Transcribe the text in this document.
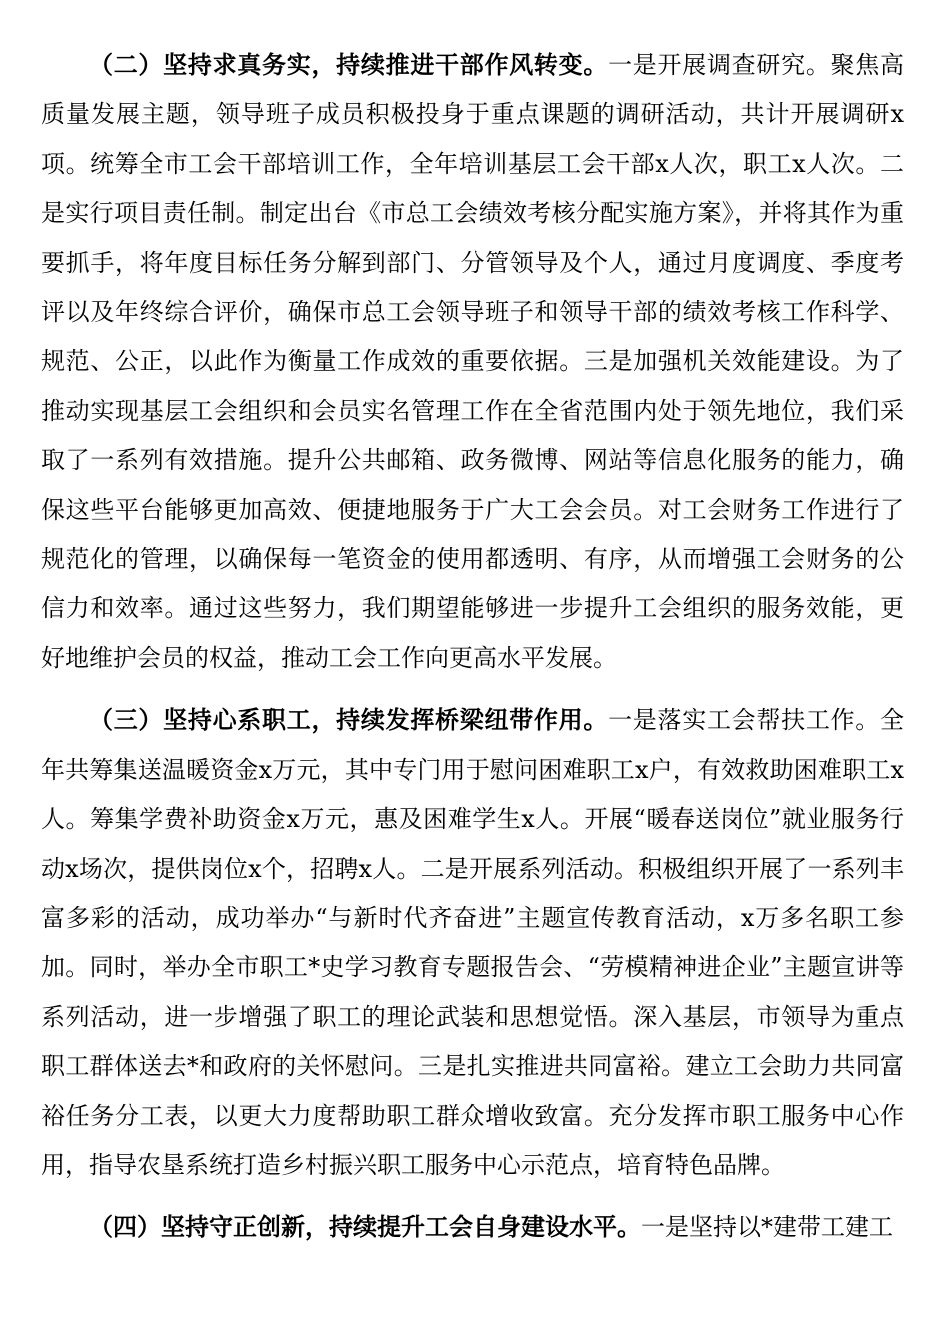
（二）坚持求真务实，持续推进干部作风转变。一是开展调查研究。聚焦高质量发展主题，领导班子成员积极投身于重点课题的调研活动，共计开展调研x项。统筹全市工会干部培训工作，全年培训基层工会干部x人次，职工x人次。二是实行项目责任制。制定出台《市总工会绩效考核分配实施方案》，并将其作为重要抓手，将年度目标任务分解到部门、分管领导及个人，通过月度调度、季度考评以及年终综合评价，确保市总工会领导班子和领导干部的绩效考核工作科学、规范、公正，以此作为衡量工作成效的重要依据。三是加强机关效能建设。为了推动实现基层工会组织和会员实名管理工作在全省范围内处于领先地位，我们采取了一系列有效措施。提升公共邮箱、政务微博、网站等信息化服务的能力，确保这些平台能够更加高效、便捷地服务于广大工会会员。对工会财务工作进行了规范化的管理，以确保每一笔资金的使用都透明、有序，从而增强工会财务的公信力和效率。通过这些努力，我们期望能够进一步提升工会组织的服务效能，更好地维护会员的权益，推动工会工作向更高水平发展。

（三）坚持心系职工，持续发挥桥梁纽带作用。一是落实工会帮扶工作。全年共筹集送温暖资金x万元，其中专门用于慰问困难职工x户，有效救助困难职工x人。筹集学费补助资金x万元，惠及困难学生x人。开展“暖春送岗位”就业服务行动x场次，提供岗位x个，招聘x人。二是开展系列活动。积极组织开展了一系列丰富多彩的活动，成功举办“与新时代齐奋进”主题宣传教育活动，x万多名职工参加。同时，举办全市职工*史学习教育专题报告会、“劳模精神进企业”主题宣讲等系列活动，进一步增强了职工的理论武装和思想觉悟。深入基层，市领导为重点职工群体送去*和政府的关怀慰问。三是扎实推进共同富裕。建立工会助力共同富裕任务分工表，以更大力度帮助职工群众增收致富。充分发挥市职工服务中心作用，指导农垦系统打造乡村振兴职工服务中心示范点，培育特色品牌。

（四）坚持守正创新，持续提升工会自身建设水平。一是坚持以*建带工建工
